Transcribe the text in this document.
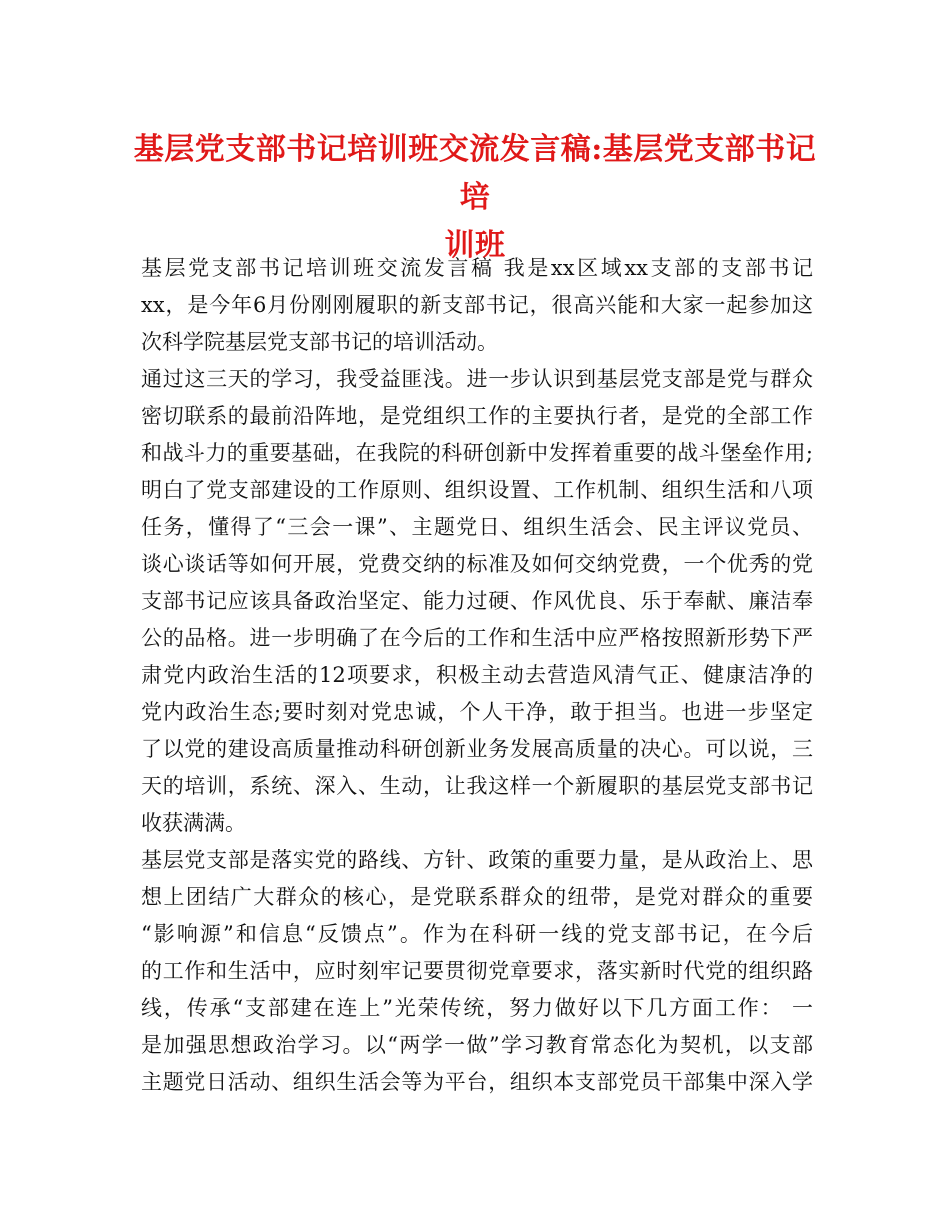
基层党支部书记培训班交流发言稿:基层党支部书记培
训班
基层党支部书记培训班交流发言稿 我是xx区域xx支部的支部书记
xx，是今年6月份刚刚履职的新支部书记，很高兴能和大家一起参加这
次科学院基层党支部书记的培训活动。
通过这三天的学习，我受益匪浅。进一步认识到基层党支部是党与群众
密切联系的最前沿阵地，是党组织工作的主要执行者，是党的全部工作
和战斗力的重要基础，在我院的科研创新中发挥着重要的战斗堡垒作用;
明白了党支部建设的工作原则、组织设置、工作机制、组织生活和八项
任务，懂得了“三会一课”、主题党日、组织生活会、民主评议党员、
谈心谈话等如何开展，党费交纳的标准及如何交纳党费，一个优秀的党
支部书记应该具备政治坚定、能力过硬、作风优良、乐于奉献、廉洁奉
公的品格。进一步明确了在今后的工作和生活中应严格按照新形势下严
肃党内政治生活的12项要求，积极主动去营造风清气正、健康洁净的
党内政治生态;要时刻对党忠诚，个人干净，敢于担当。也进一步坚定
了以党的建设高质量推动科研创新业务发展高质量的决心。可以说，三
天的培训，系统、深入、生动，让我这样一个新履职的基层党支部书记
收获满满。
基层党支部是落实党的路线、方针、政策的重要力量，是从政治上、思
想上团结广大群众的核心，是党联系群众的纽带，是党对群众的重要
“影响源”和信息“反馈点”。作为在科研一线的党支部书记，在今后
的工作和生活中，应时刻牢记要贯彻党章要求，落实新时代党的组织路
线，传承“支部建在连上”光荣传统，努力做好以下几方面工作： 一
是加强思想政治学习。以“两学一做”学习教育常态化为契机，以支部
主题党日活动、组织生活会等为平台，组织本支部党员干部集中深入学
